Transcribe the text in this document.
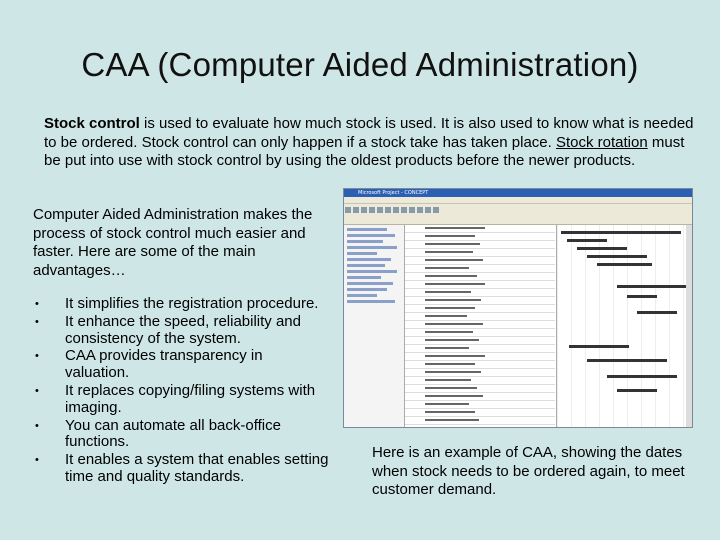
CAA (Computer Aided Administration)
Stock control is used to evaluate how much stock is used. It is also used to know what is needed to be ordered. Stock control can only happen if a stock take has taken place. Stock rotation must be put into use with stock control by using the oldest products before the newer products.
Computer Aided Administration makes the process of stock control much easier and faster. Here are some of the main advantages…
• It simplifies the registration procedure.
• It enhance the speed, reliability and consistency of the system.
• CAA provides transparency in valuation.
• It replaces copying/filing systems with imaging.
• You can automate all back-office functions.
• It enables a system that enables setting time and quality standards.
Microsoft Project - CONCEPT
Here is an example of CAA, showing the dates when stock needs to be ordered again, to meet customer demand.
